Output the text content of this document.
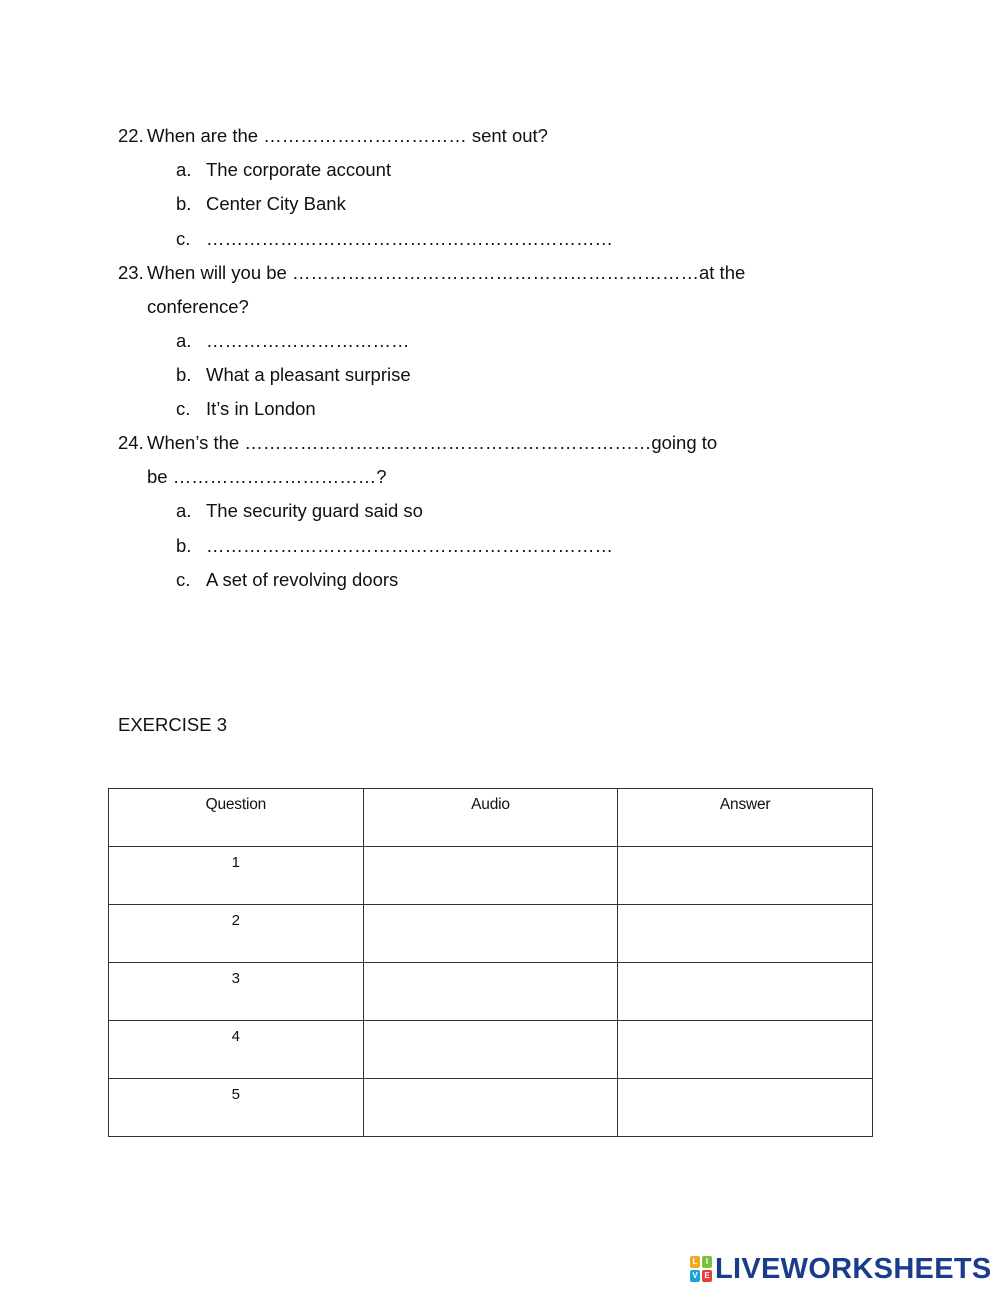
22. When are the …………………………… sent out?
a. The corporate account
b. Center City Bank
c. …………………………………………………………
23. When will you be …………………………………………………………at the
conference?
a. ……………………………
b. What a pleasant surprise
c. It’s in London
24. When’s the …………………………………………………………going to
be ……………………………?
a. The security guard said so
b. …………………………………………………………
c. A set of revolving doors
EXERCISE 3
Question	Audio	Answer
1		
2		
3		
4		
5		
L	I
V E LIVEWORKSHEETS
